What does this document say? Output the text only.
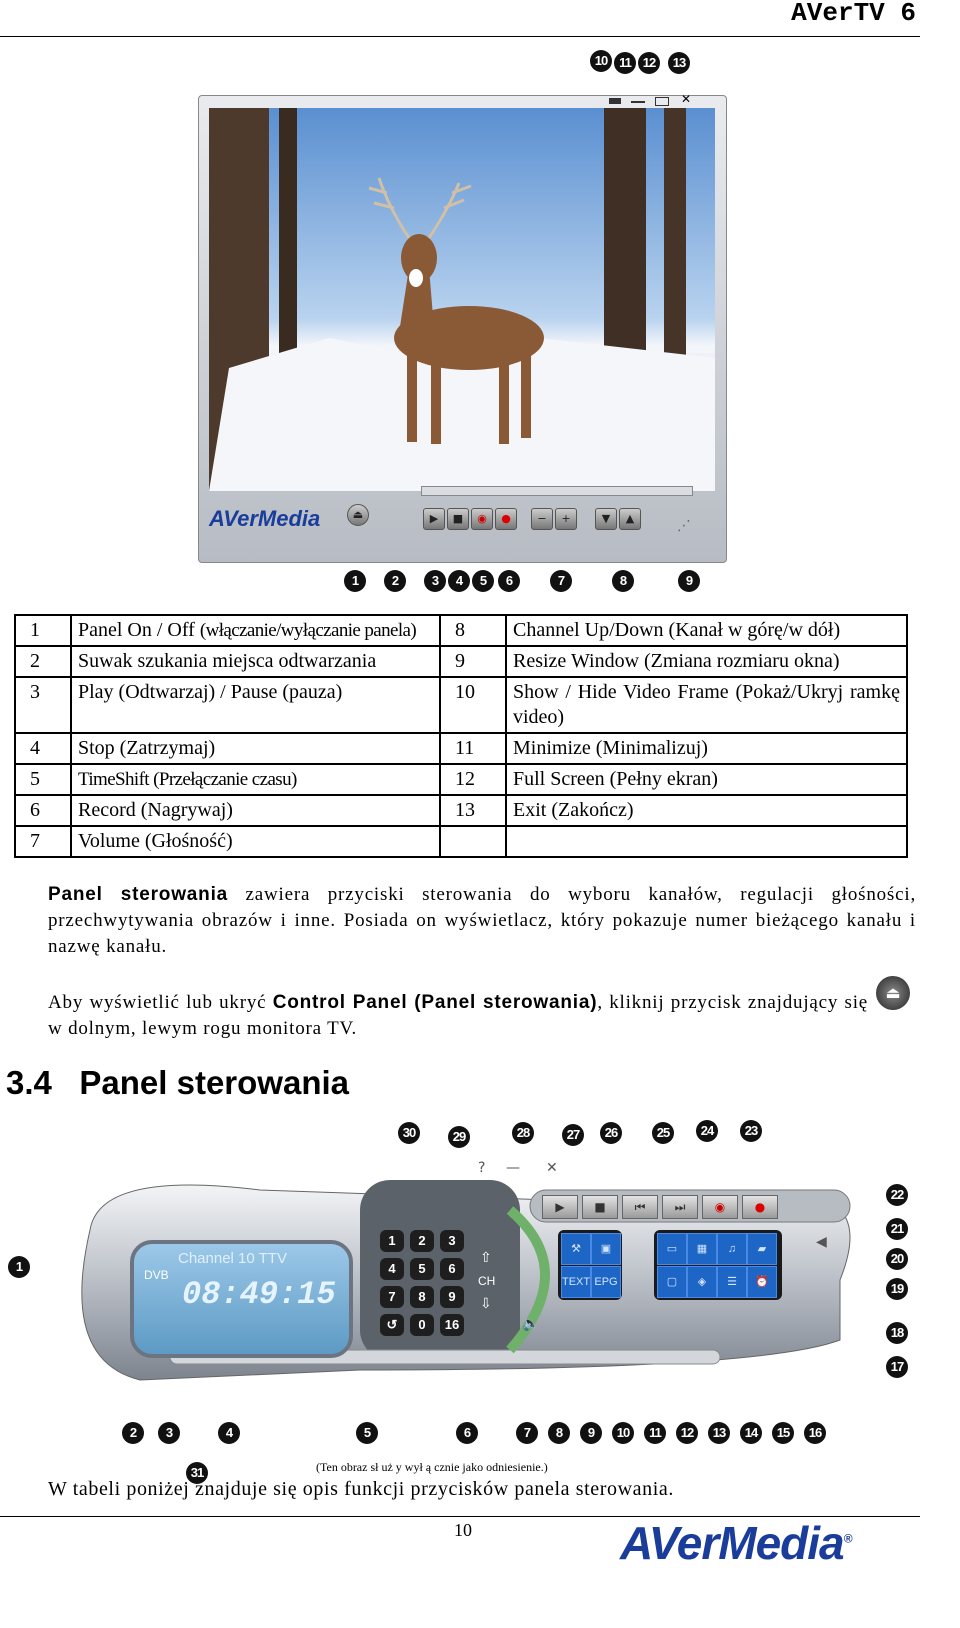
AVerTV 6
10 11 12	13
✕
AVerMedia	⏏	▶	■	◉	●	−	+	▼	▲	⋰
1	2	3	4	5	6	7	8	9
1	Panel On / Off (włączanie/wyłączanie panela)	8	Channel Up/Down (Kanał w górę/w dół)
2	Suwak szukania miejsca odtwarzania	9	Resize Window (Zmiana rozmiaru okna)
3	Play (Odtwarzaj) / Pause (pauza)	10	Show / Hide Video Frame (Pokaż/Ukryj ramkę video)
4	Stop (Zatrzymaj)	11	Minimize (Minimalizuj)
5	TimeShift (Przełączanie czasu)	12	Full Screen (Pełny ekran)
6	Record (Nagrywaj)	13	Exit (Zakończ)
7	Volume (Głośność)		

Panel sterowania zawiera przyciski sterowania do wyboru kanałów, regulacji głośności, przechwytywania obrazów i inne. Posiada on wyświetlacz, który pokazuje numer bieżącego kanału i nazwę kanału.

Aby wyświetlić lub ukryć Control Panel (Panel sterowania), kliknij przycisk znajdujący się w dolnym, lewym rogu monitora TV.

⏏
3.4 Panel sterowania
30	29	28	27	26	25	24	23
DVB
Channel 10 TTV
08:49:15
1	2	3
4	5	6
7	8	9
↺	0	16
⇧
CH
⇩
▶	■	⏮	⏭	◉	●
? — ✕
🔈
⚒	▣
TEXT EPG
▭	▦	♫	▰
▢	◈	☰	⏰
◀
1
22
21
20
19
18
17
2	3	4	5	6	7	8	9	10	11	12	13	14	15	16
31	(Ten obraz sł uż y wył ą cznie jako odniesienie.)
W tabeli poniżej znajduje się opis funkcji przycisków panela sterowania.
10	AVerMedia®
